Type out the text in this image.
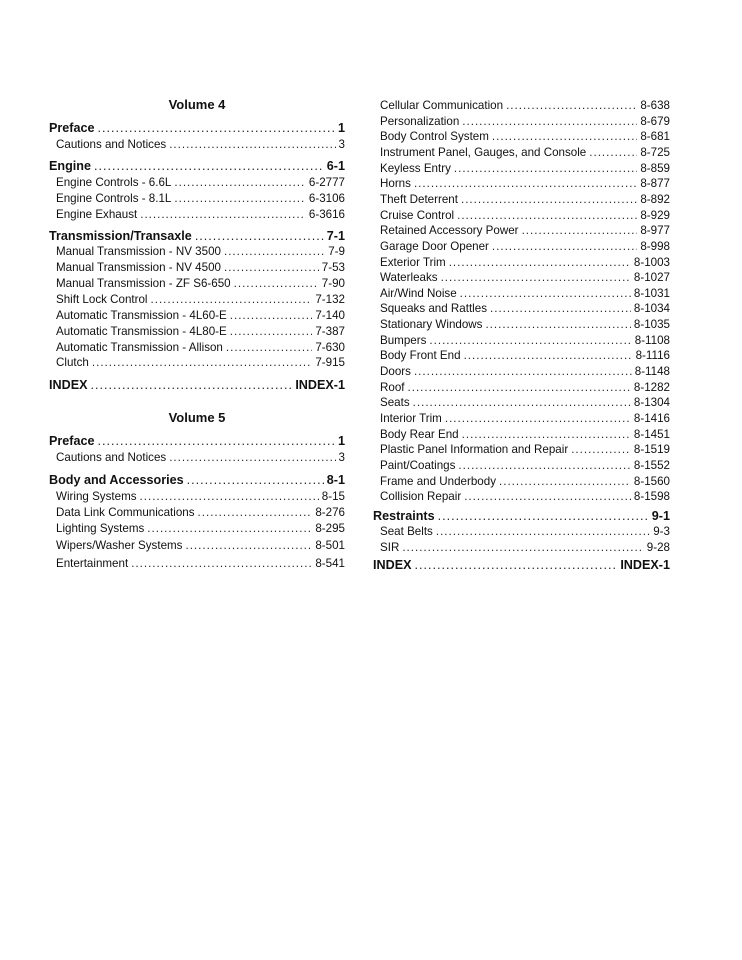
Volume 4
Preface .....	1
Cautions and Notices .....	3
Engine .....	6-1
Engine Controls - 6.6L .....	6-2777
Engine Controls - 8.1L .....	6-3106
Engine Exhaust .....	6-3616
Transmission/Transaxle .....	7-1
Manual Transmission - NV 3500 .....	7-9
Manual Transmission - NV 4500 .....	7-53
Manual Transmission - ZF S6-650 .....	7-90
Shift Lock Control .....	7-132
Automatic Transmission - 4L60-E .....	7-140
Automatic Transmission - 4L80-E .....	7-387
Automatic Transmission - Allison .....	7-630
Clutch .....	7-915
INDEX .....	INDEX-1
Volume 5
Preface .....	1
Cautions and Notices .....	3
Body and Accessories .....	8-1
Wiring Systems .....	8-15
Data Link Communications .....	8-276
Lighting Systems .....	8-295
Wipers/Washer Systems .....	8-501
Entertainment .....	8-541
Cellular Communication .....	8-638
Personalization .....	8-679
Body Control System .....	8-681
Instrument Panel, Gauges, and Console .....	8-725
Keyless Entry .....	8-859
Horns .....	8-877
Theft Deterrent .....	8-892
Cruise Control .....	8-929
Retained Accessory Power .....	8-977
Garage Door Opener .....	8-998
Exterior Trim .....	8-1003
Waterleaks .....	8-1027
Air/Wind Noise .....	8-1031
Squeaks and Rattles .....	8-1034
Stationary Windows .....	8-1035
Bumpers .....	8-1108
Body Front End .....	8-1116
Doors .....	8-1148
Roof .....	8-1282
Seats .....	8-1304
Interior Trim .....	8-1416
Body Rear End .....	8-1451
Plastic Panel Information and Repair .....	8-1519
Paint/Coatings .....	8-1552
Frame and Underbody .....	8-1560
Collision Repair .....	8-1598
Restraints .....	9-1
Seat Belts .....	9-3
SIR .....	9-28
INDEX .....	INDEX-1
